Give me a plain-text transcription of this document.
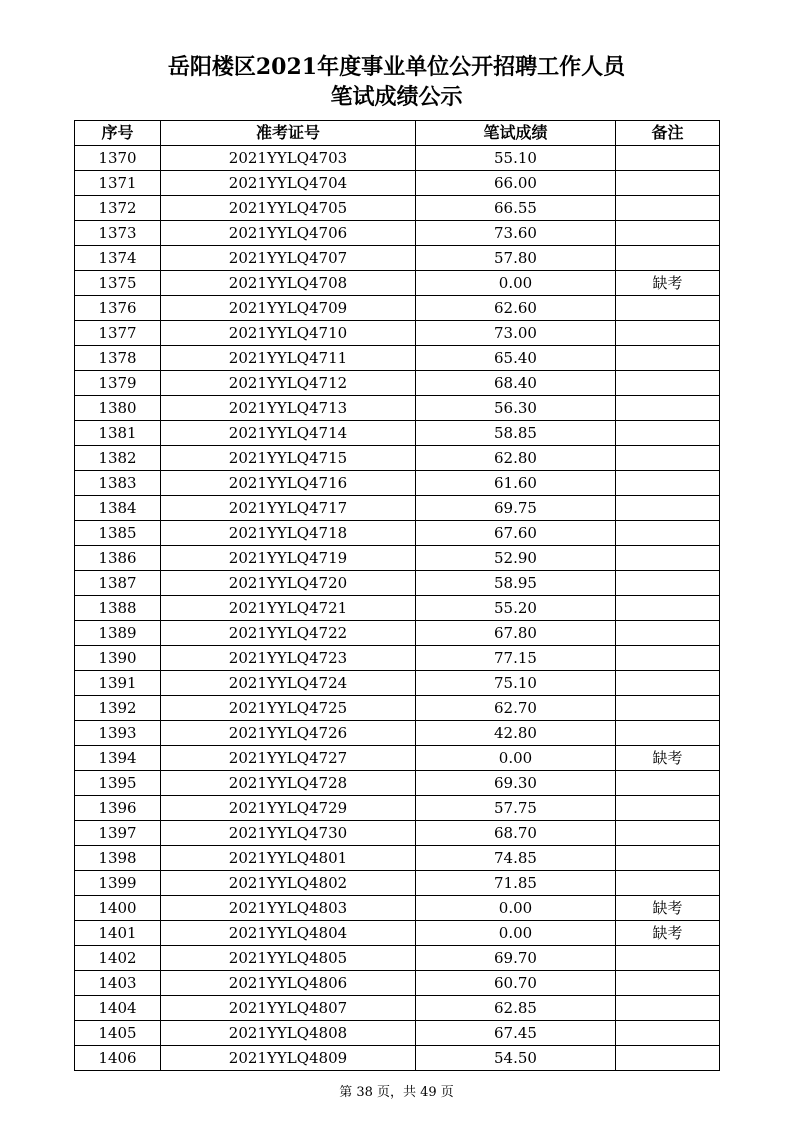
岳阳楼区2021年度事业单位公开招聘工作人员
笔试成绩公示
序号	准考证号	笔试成绩	备注
1370	2021YYLQ4703	55.10	
1371	2021YYLQ4704	66.00	
1372	2021YYLQ4705	66.55	
1373	2021YYLQ4706	73.60	
1374	2021YYLQ4707	57.80	
1375	2021YYLQ4708	0.00	缺考
1376	2021YYLQ4709	62.60	
1377	2021YYLQ4710	73.00	
1378	2021YYLQ4711	65.40	
1379	2021YYLQ4712	68.40	
1380	2021YYLQ4713	56.30	
1381	2021YYLQ4714	58.85	
1382	2021YYLQ4715	62.80	
1383	2021YYLQ4716	61.60	
1384	2021YYLQ4717	69.75	
1385	2021YYLQ4718	67.60	
1386	2021YYLQ4719	52.90	
1387	2021YYLQ4720	58.95	
1388	2021YYLQ4721	55.20	
1389	2021YYLQ4722	67.80	
1390	2021YYLQ4723	77.15	
1391	2021YYLQ4724	75.10	
1392	2021YYLQ4725	62.70	
1393	2021YYLQ4726	42.80	
1394	2021YYLQ4727	0.00	缺考
1395	2021YYLQ4728	69.30	
1396	2021YYLQ4729	57.75	
1397	2021YYLQ4730	68.70	
1398	2021YYLQ4801	74.85	
1399	2021YYLQ4802	71.85	
1400	2021YYLQ4803	0.00	缺考
1401	2021YYLQ4804	0.00	缺考
1402	2021YYLQ4805	69.70	
1403	2021YYLQ4806	60.70	
1404	2021YYLQ4807	62.85	
1405	2021YYLQ4808	67.45	
1406	2021YYLQ4809	54.50	
第 38 页，共 49 页
